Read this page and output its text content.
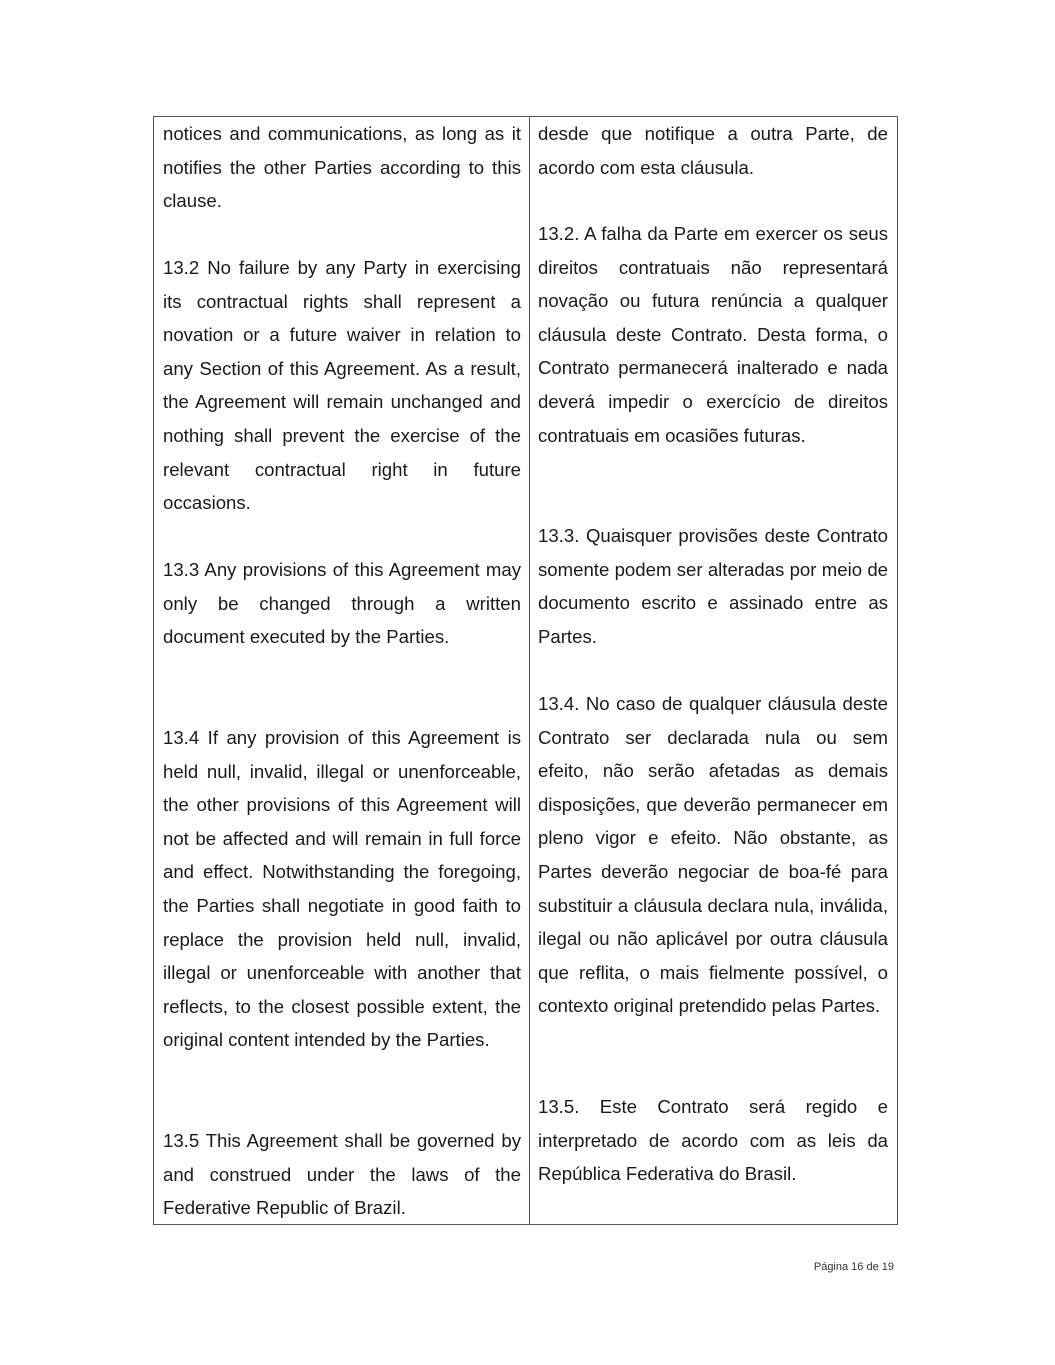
notices and communications, as long as it notifies the other Parties according to this clause.

13.2 No failure by any Party in exercising its contractual rights shall represent a novation or a future waiver in relation to any Section of this Agreement. As a result, the Agreement will remain unchanged and nothing shall prevent the exercise of the relevant contractual right in future occasions.

13.3 Any provisions of this Agreement may only be changed through a written document executed by the Parties.

13.4 If any provision of this Agreement is held null, invalid, illegal or unenforceable, the other provisions of this Agreement will not be affected and will remain in full force and effect. Notwithstanding the foregoing, the Parties shall negotiate in good faith to replace the provision held null, invalid, illegal or unenforceable with another that reflects, to the closest possible extent, the original content intended by the Parties.

13.5 This Agreement shall be governed by and construed under the laws of the Federative Republic of Brazil.

desde que notifique a outra Parte, de acordo com esta cláusula.

13.2. A falha da Parte em exercer os seus direitos contratuais não representará novação ou futura renúncia a qualquer cláusula deste Contrato. Desta forma, o Contrato permanecerá inalterado e nada deverá impedir o exercício de direitos contratuais em ocasiões futuras.

13.3. Quaisquer provisões deste Contrato somente podem ser alteradas por meio de documento escrito e assinado entre as Partes.

13.4. No caso de qualquer cláusula deste Contrato ser declarada nula ou sem efeito, não serão afetadas as demais disposições, que deverão permanecer em pleno vigor e efeito. Não obstante, as Partes deverão negociar de boa-fé para substituir a cláusula declara nula, inválida, ilegal ou não aplicável por outra cláusula que reflita, o mais fielmente possível, o contexto original pretendido pelas Partes.

13.5. Este Contrato será regido e interpretado de acordo com as leis da República Federativa do Brasil.

Página 16 de 19
